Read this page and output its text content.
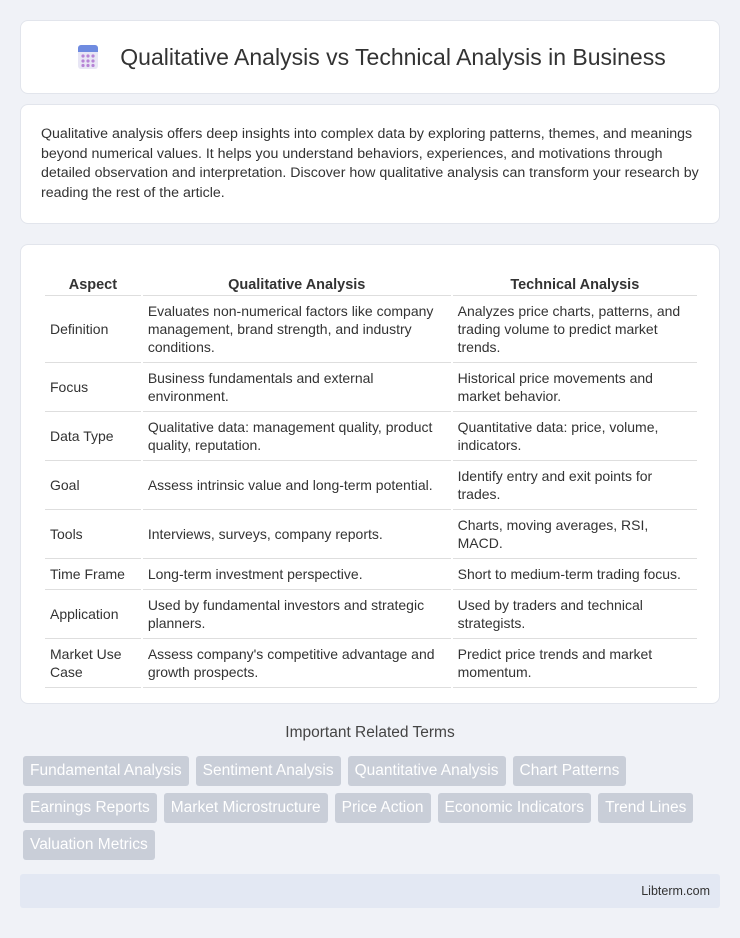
Qualitative Analysis vs Technical Analysis in Business

Qualitative analysis offers deep insights into complex data by exploring patterns, themes, and meanings beyond numerical values. It helps you understand behaviors, experiences, and motivations through detailed observation and interpretation. Discover how qualitative analysis can transform your research by reading the rest of the article.

Aspect	Qualitative Analysis	Technical Analysis
Definition	Evaluates non-numerical factors like company management, brand strength, and industry conditions.	Analyzes price charts, patterns, and trading volume to predict market trends.
Focus	Business fundamentals and external environment.	Historical price movements and market behavior.
Data Type	Qualitative data: management quality, product quality, reputation.	Quantitative data: price, volume, indicators.
Goal	Assess intrinsic value and long-term potential.	Identify entry and exit points for trades.
Tools	Interviews, surveys, company reports.	Charts, moving averages, RSI, MACD.
Time Frame	Long-term investment perspective.	Short to medium-term trading focus.
Application	Used by fundamental investors and strategic planners.	Used by traders and technical strategists.
Market Use Case	Assess company's competitive advantage and growth prospects.	Predict price trends and market momentum.
Important Related Terms
Fundamental Analysis	Sentiment Analysis	Quantitative Analysis	Chart Patterns
Earnings Reports	Market Microstructure	Price Action	Economic Indicators	Trend Lines
Valuation Metrics
Libterm.com
